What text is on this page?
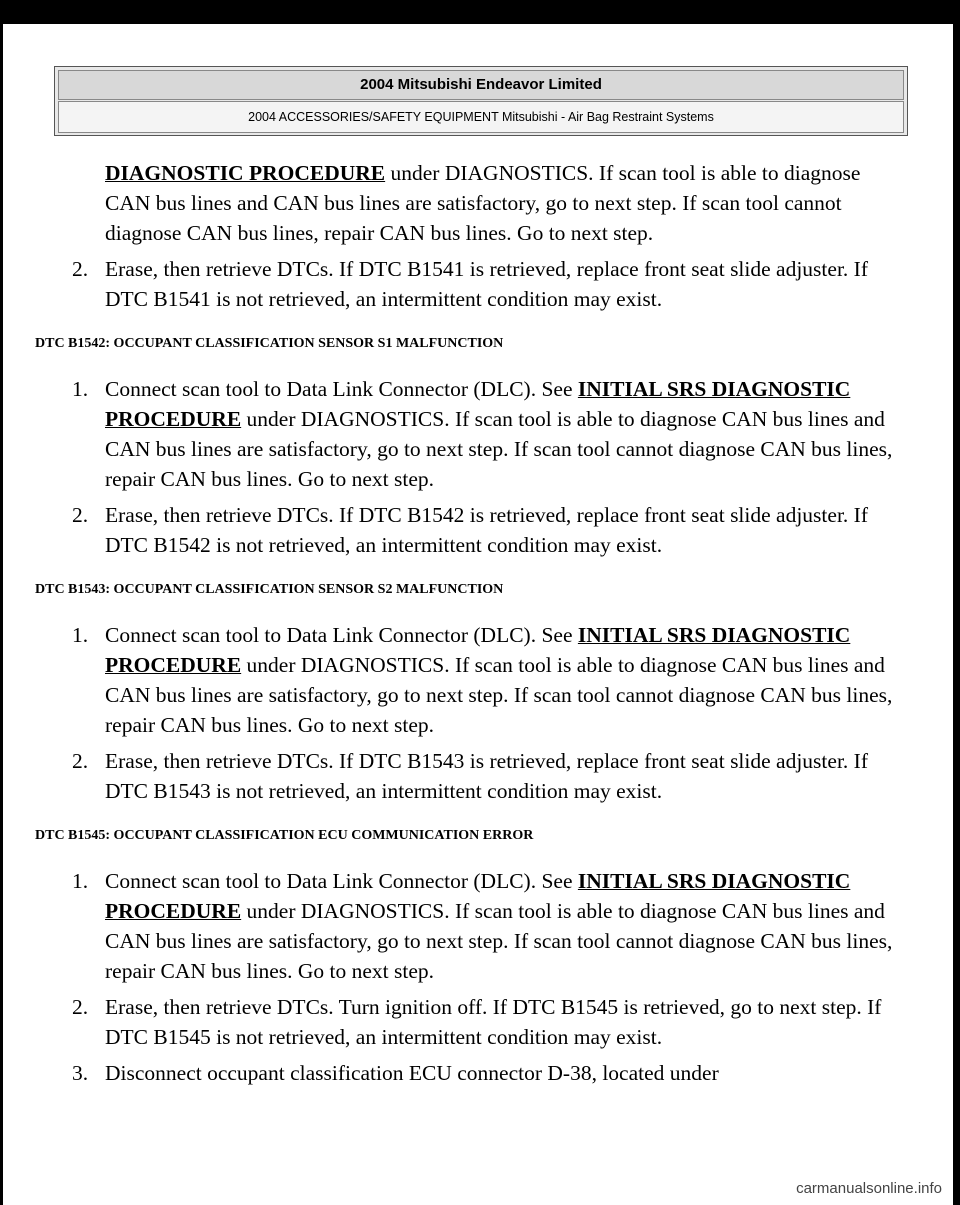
2004 Mitsubishi Endeavor Limited
2004 ACCESSORIES/SAFETY EQUIPMENT Mitsubishi - Air Bag Restraint Systems
DIAGNOSTIC PROCEDURE under DIAGNOSTICS. If scan tool is able to diagnose CAN bus lines and CAN bus lines are satisfactory, go to next step. If scan tool cannot diagnose CAN bus lines, repair CAN bus lines. Go to next step.
2. Erase, then retrieve DTCs. If DTC B1541 is retrieved, replace front seat slide adjuster. If DTC B1541 is not retrieved, an intermittent condition may exist.
DTC B1542: OCCUPANT CLASSIFICATION SENSOR S1 MALFUNCTION
1. Connect scan tool to Data Link Connector (DLC). See INITIAL SRS DIAGNOSTIC PROCEDURE under DIAGNOSTICS. If scan tool is able to diagnose CAN bus lines and CAN bus lines are satisfactory, go to next step. If scan tool cannot diagnose CAN bus lines, repair CAN bus lines. Go to next step.
2. Erase, then retrieve DTCs. If DTC B1542 is retrieved, replace front seat slide adjuster. If DTC B1542 is not retrieved, an intermittent condition may exist.
DTC B1543: OCCUPANT CLASSIFICATION SENSOR S2 MALFUNCTION
1. Connect scan tool to Data Link Connector (DLC). See INITIAL SRS DIAGNOSTIC PROCEDURE under DIAGNOSTICS. If scan tool is able to diagnose CAN bus lines and CAN bus lines are satisfactory, go to next step. If scan tool cannot diagnose CAN bus lines, repair CAN bus lines. Go to next step.
2. Erase, then retrieve DTCs. If DTC B1543 is retrieved, replace front seat slide adjuster. If DTC B1543 is not retrieved, an intermittent condition may exist.
DTC B1545: OCCUPANT CLASSIFICATION ECU COMMUNICATION ERROR
1. Connect scan tool to Data Link Connector (DLC). See INITIAL SRS DIAGNOSTIC PROCEDURE under DIAGNOSTICS. If scan tool is able to diagnose CAN bus lines and CAN bus lines are satisfactory, go to next step. If scan tool cannot diagnose CAN bus lines, repair CAN bus lines. Go to next step.
2. Erase, then retrieve DTCs. Turn ignition off. If DTC B1545 is retrieved, go to next step. If DTC B1545 is not retrieved, an intermittent condition may exist.
3. Disconnect occupant classification ECU connector D-38, located under
carmanualsonline.info
